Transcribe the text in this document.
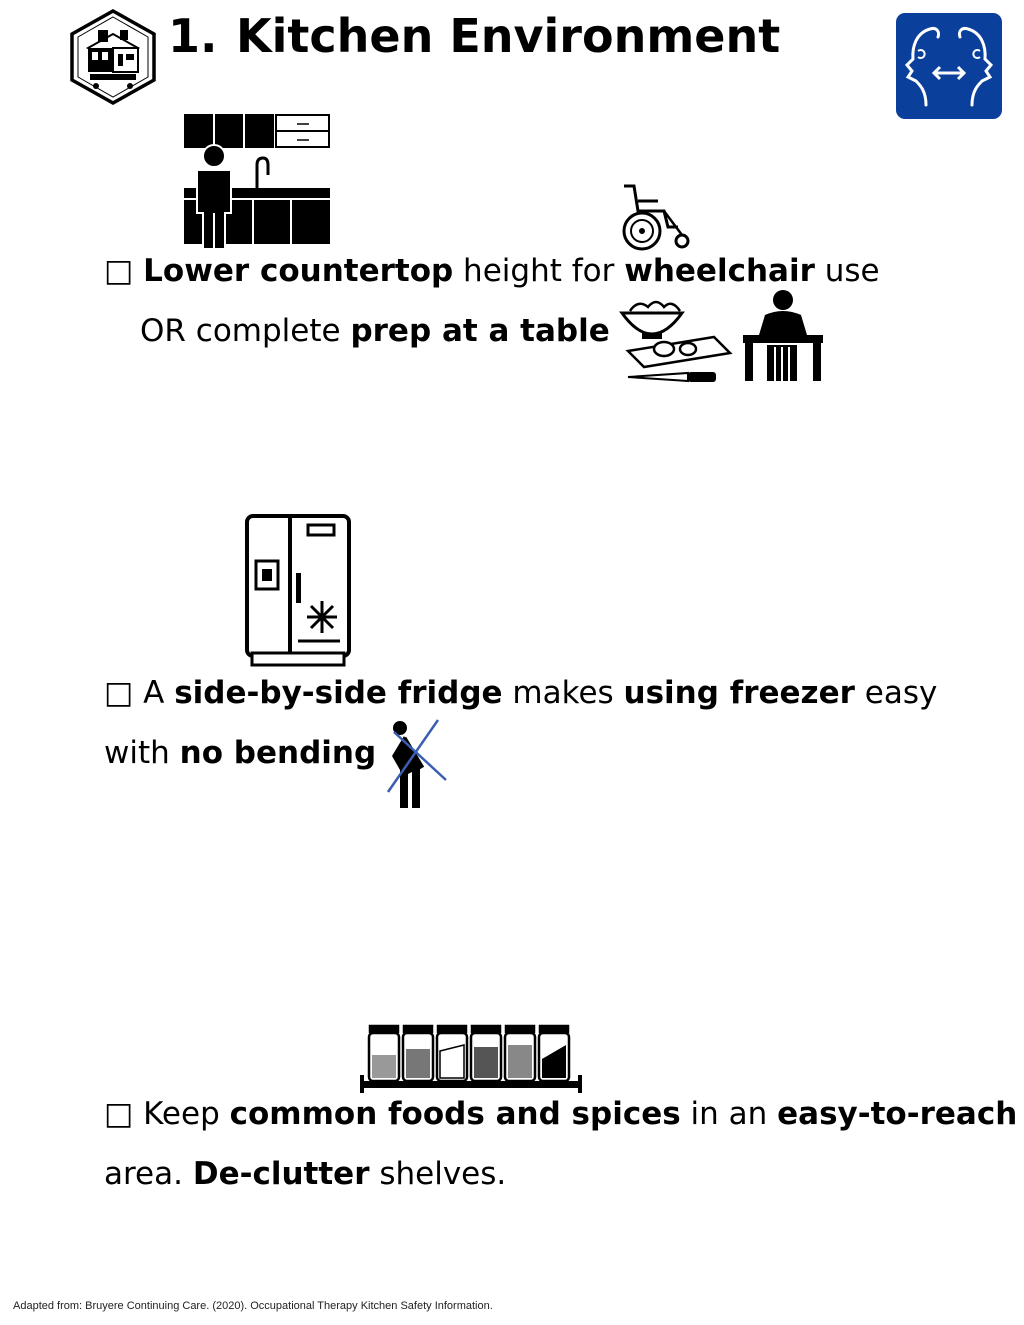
1. Kitchen Environment
□ Lower countertop height for wheelchair use
OR complete prep at a table
□ A side-by-side fridge makes using freezer easy
with no bending
□ Keep common foods and spices in an easy-to-reach
area. De-clutter shelves.
Adapted from: Bruyere Continuing Care. (2020). Occupational Therapy Kitchen Safety Information.
